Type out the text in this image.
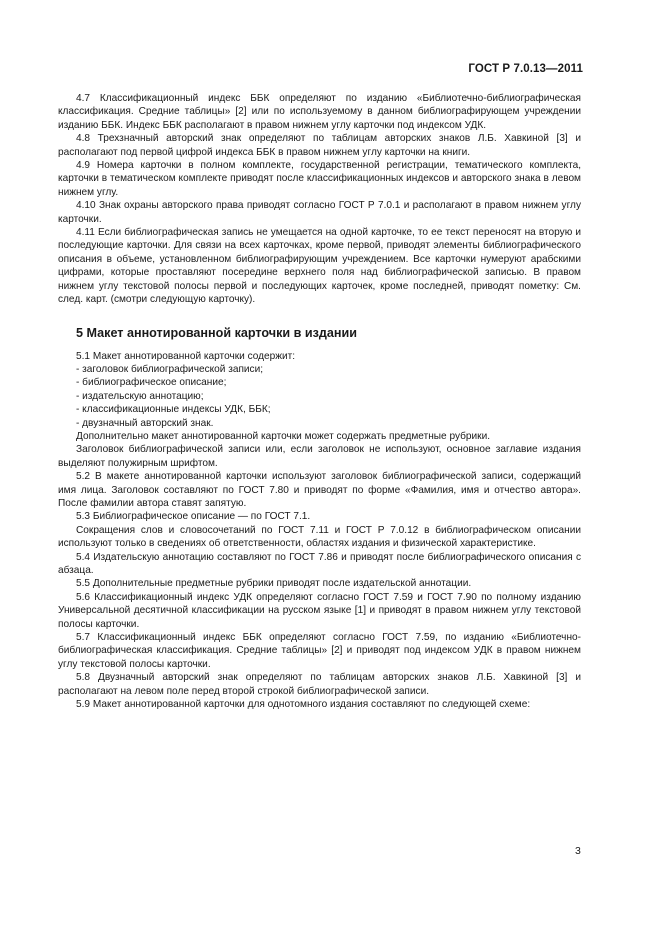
ГОСТ Р 7.0.13—2011

4.7 Классификационный индекс ББК определяют по изданию «Библиотечно-библиографическая классификация. Средние таблицы» [2] или по используемому в данном библиографирующем учреждении изданию ББК. Индекс ББК располагают в правом нижнем углу карточки под индексом УДК.

4.8 Трехзначный авторский знак определяют по таблицам авторских знаков Л.Б. Хавкиной [3] и располагают под первой цифрой индекса ББК в правом нижнем углу карточки на книги.

4.9 Номера карточки в полном комплекте, государственной регистрации, тематического комплекта, карточки в тематическом комплекте приводят после классификационных индексов и авторского знака в левом нижнем углу.

4.10 Знак охраны авторского права приводят согласно ГОСТ Р 7.0.1 и располагают в правом нижнем углу карточки.

4.11 Если библиографическая запись не умещается на одной карточке, то ее текст переносят на вторую и последующие карточки. Для связи на всех карточках, кроме первой, приводят элементы библиографического описания в объеме, установленном библиографирующим учреждением. Все карточки нумеруют арабскими цифрами, которые проставляют посередине верхнего поля над библиографической записью. В правом нижнем углу текстовой полосы первой и последующих карточек, кроме последней, приводят пометку: См. след. карт. (смотри следующую карточку).

5 Макет аннотированной карточки в издании

5.1 Макет аннотированной карточки содержит:

- заголовок библиографической записи;

- библиографическое описание;

- издательскую аннотацию;

- классификационные индексы УДК, ББК;

- двузначный авторский знак.

Дополнительно макет аннотированной карточки может содержать предметные рубрики.

Заголовок библиографической записи или, если заголовок не используют, основное заглавие издания выделяют полужирным шрифтом.

5.2 В макете аннотированной карточки используют заголовок библиографической записи, содержащий имя лица. Заголовок составляют по ГОСТ 7.80 и приводят по форме «Фамилия, имя и отчество автора». После фамилии автора ставят запятую.

5.3 Библиографическое описание — по ГОСТ 7.1.

Сокращения слов и словосочетаний по ГОСТ 7.11 и ГОСТ Р 7.0.12 в библиографическом описании используют только в сведениях об ответственности, областях издания и физической характеристике.

5.4 Издательскую аннотацию составляют по ГОСТ 7.86 и приводят после библиографического описания с абзаца.

5.5 Дополнительные предметные рубрики приводят после издательской аннотации.

5.6 Классификационный индекс УДК определяют согласно ГОСТ 7.59 и ГОСТ 7.90 по полному изданию Универсальной десятичной классификации на русском языке [1] и приводят в правом нижнем углу текстовой полосы карточки.

5.7 Классификационный индекс ББК определяют согласно ГОСТ 7.59, по изданию «Библиотечно-библиографическая классификация. Средние таблицы» [2] и приводят под индексом УДК в правом нижнем углу текстовой полосы карточки.

5.8 Двузначный авторский знак определяют по таблицам авторских знаков Л.Б. Хавкиной [3] и располагают на левом поле перед второй строкой библиографической записи.

5.9 Макет аннотированной карточки для однотомного издания составляют по следующей схеме:

3
